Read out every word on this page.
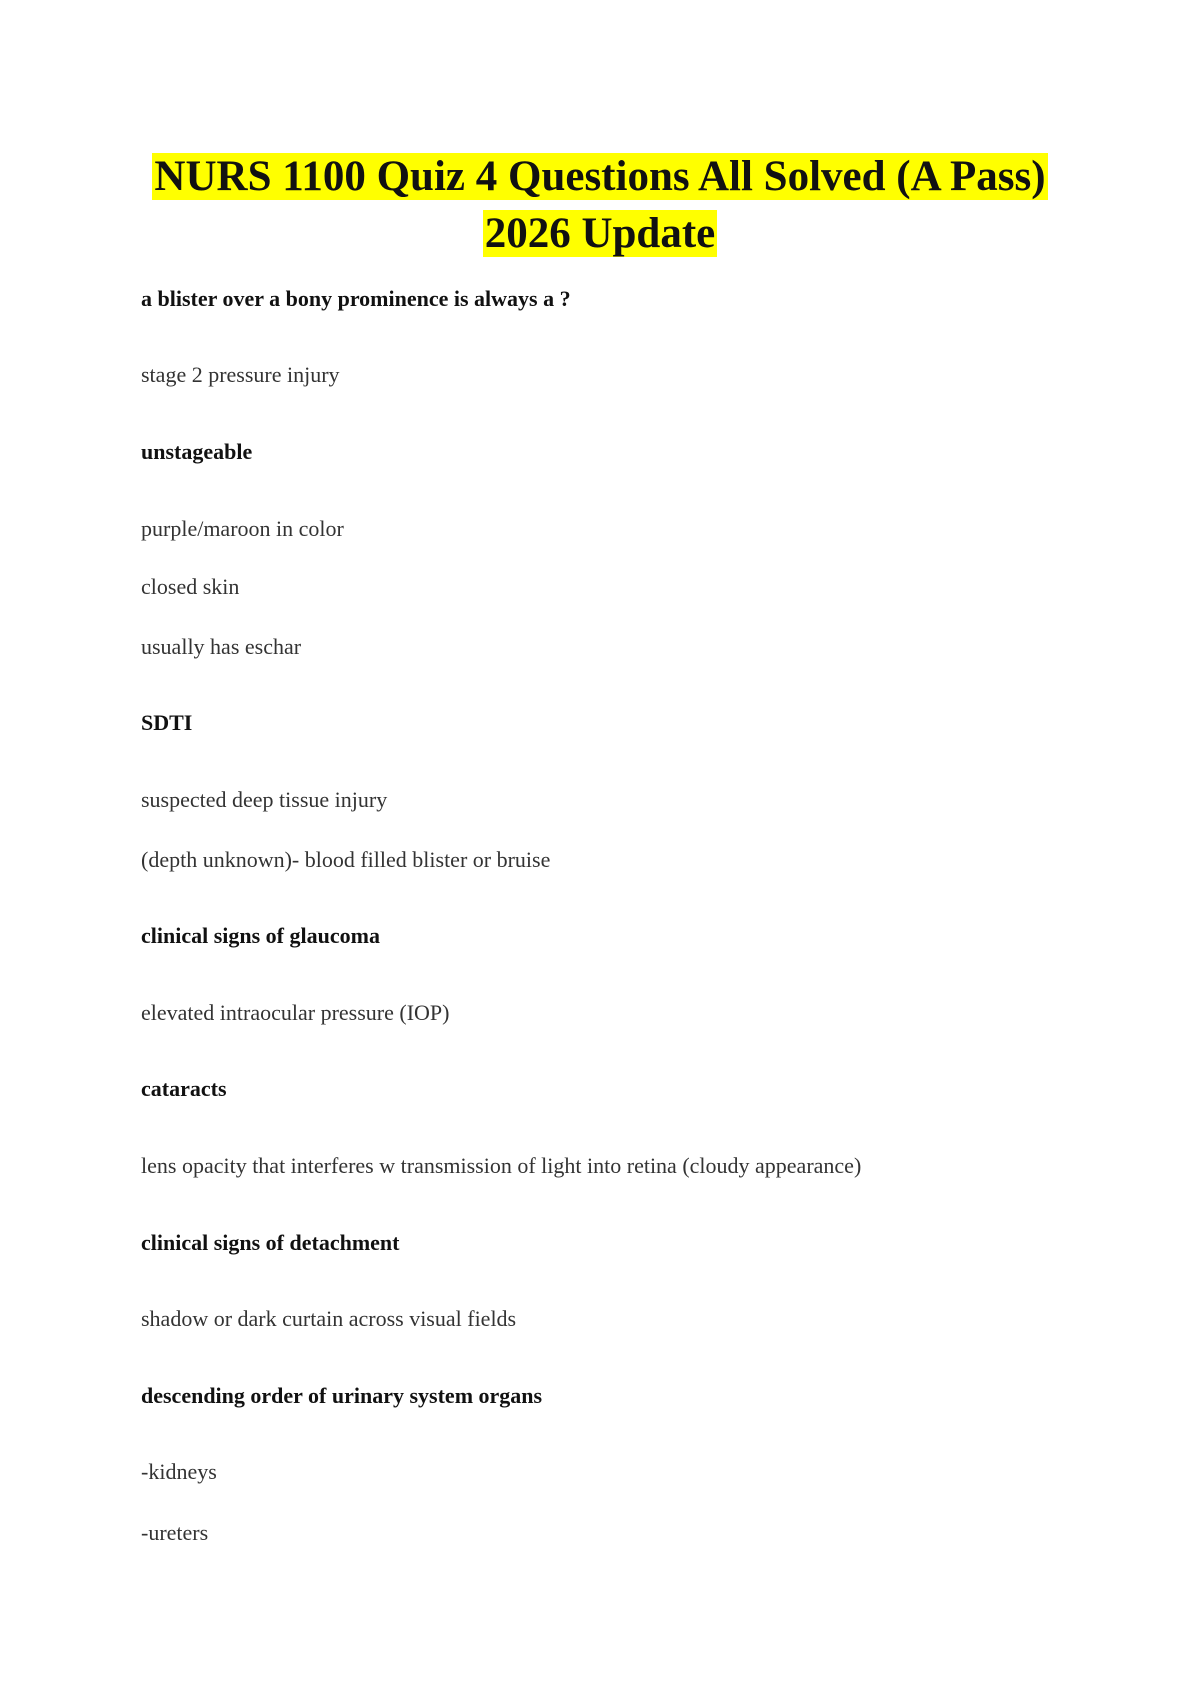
NURS 1100 Quiz 4 Questions All Solved (A Pass)
2026 Update
a blister over a bony prominence is always a ?
stage 2 pressure injury
unstageable
purple/maroon in color
closed skin
usually has eschar
SDTI
suspected deep tissue injury
(depth unknown)- blood filled blister or bruise
clinical signs of glaucoma
elevated intraocular pressure (IOP)
cataracts
lens opacity that interferes w transmission of light into retina (cloudy appearance)
clinical signs of detachment
shadow or dark curtain across visual fields
descending order of urinary system organs
-kidneys
-ureters
